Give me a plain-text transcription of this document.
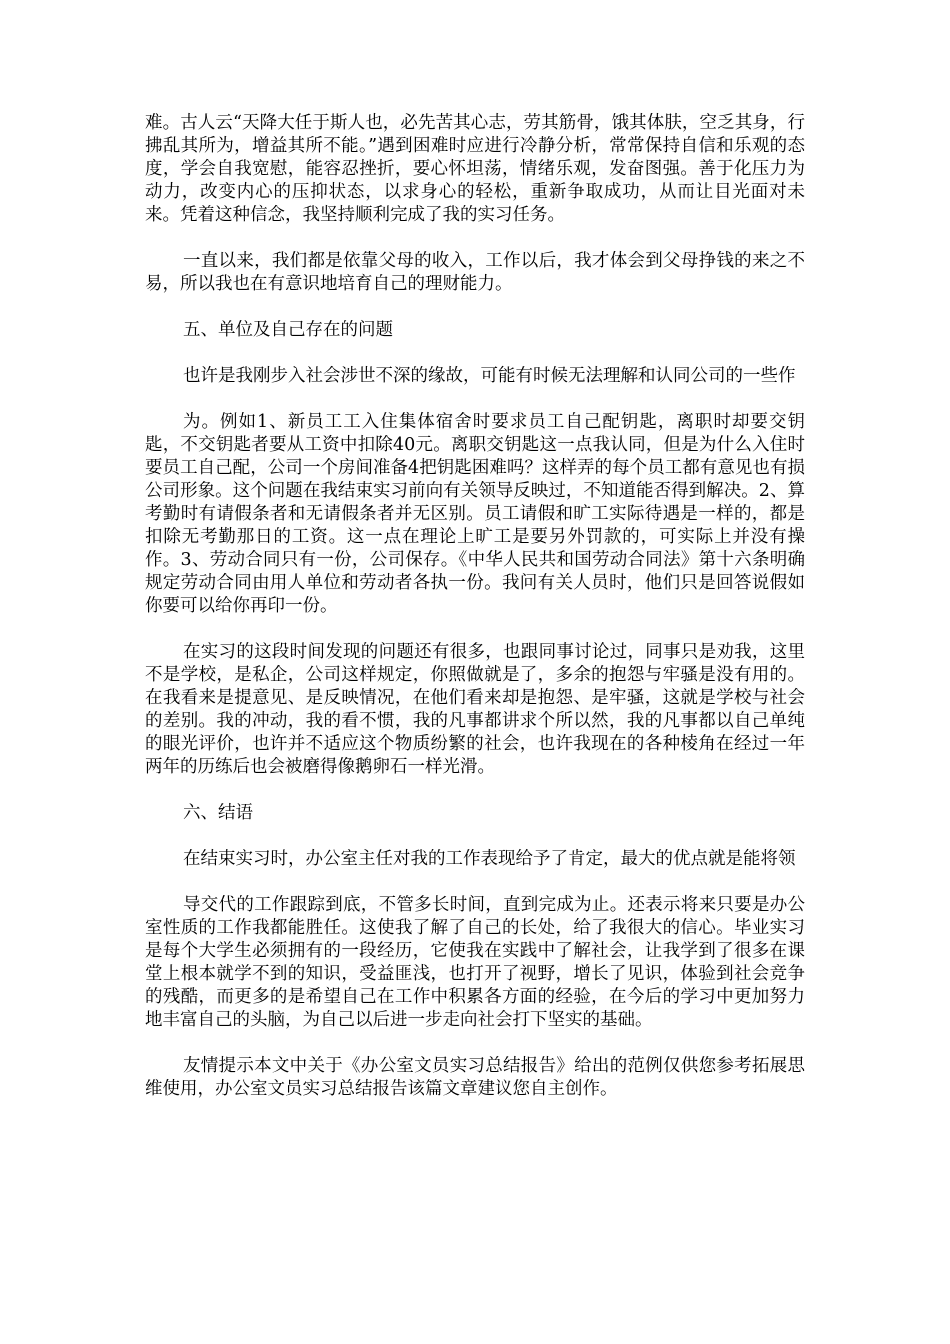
难。古人云“天降大任于斯人也，必先苦其心志，劳其筋骨，饿其体肤，空乏其身，行拂乱其所为，增益其所不能。”遇到困难时应进行冷静分析，常常保持自信和乐观的态度，学会自我宽慰，能容忍挫折，要心怀坦荡，情绪乐观，发奋图强。善于化压力为动力，改变内心的压抑状态，以求身心的轻松，重新争取成功，从而让目光面对未来。凭着这种信念，我坚持顺利完成了我的实习任务。

一直以来，我们都是依靠父母的收入，工作以后，我才体会到父母挣钱的来之不易，所以我也在有意识地培育自己的理财能力。

五、单位及自己存在的问题

也许是我刚步入社会涉世不深的缘故，可能有时候无法理解和认同公司的一些作

为。例如1、新员工工入住集体宿舍时要求员工自己配钥匙，离职时却要交钥匙，不交钥匙者要从工资中扣除40元。离职交钥匙这一点我认同，但是为什么入住时要员工自己配，公司一个房间准备4把钥匙困难吗？这样弄的每个员工都有意见也有损公司形象。这个问题在我结束实习前向有关领导反映过，不知道能否得到解决。2、算考勤时有请假条者和无请假条者并无区别。员工请假和旷工实际待遇是一样的，都是扣除无考勤那日的工资。这一点在理论上旷工是要另外罚款的，可实际上并没有操作。3、劳动合同只有一份，公司保存。《中华人民共和国劳动合同法》第十六条明确规定劳动合同由用人单位和劳动者各执一份。我问有关人员时，他们只是回答说假如你要可以给你再印一份。

在实习的这段时间发现的问题还有很多，也跟同事讨论过，同事只是劝我，这里不是学校，是私企，公司这样规定，你照做就是了，多余的抱怨与牢骚是没有用的。在我看来是提意见、是反映情况，在他们看来却是抱怨、是牢骚，这就是学校与社会的差别。我的冲动，我的看不惯，我的凡事都讲求个所以然，我的凡事都以自己单纯的眼光评价，也许并不适应这个物质纷繁的社会，也许我现在的各种棱角在经过一年两年的历练后也会被磨得像鹅卵石一样光滑。

六、结语

在结束实习时，办公室主任对我的工作表现给予了肯定，最大的优点就是能将领

导交代的工作跟踪到底，不管多长时间，直到完成为止。还表示将来只要是办公室性质的工作我都能胜任。这使我了解了自己的长处，给了我很大的信心。毕业实习是每个大学生必须拥有的一段经历，它使我在实践中了解社会，让我学到了很多在课堂上根本就学不到的知识，受益匪浅，也打开了视野，增长了见识，体验到社会竞争的残酷，而更多的是希望自己在工作中积累各方面的经验，在今后的学习中更加努力地丰富自己的头脑，为自己以后进一步走向社会打下坚实的基础。

友情提示本文中关于《办公室文员实习总结报告》给出的范例仅供您参考拓展思维使用，办公室文员实习总结报告该篇文章建议您自主创作。
